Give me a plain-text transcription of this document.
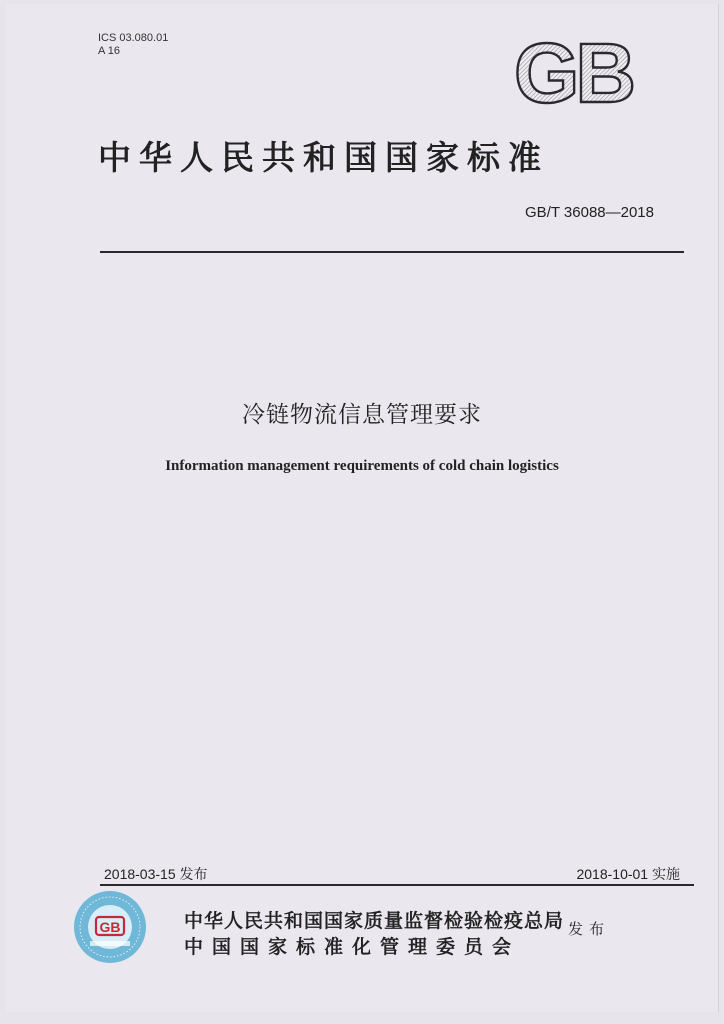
ICS 03.080.01
A 16	GB
中华人民共和国国家标准
GB/T 36088—2018
冷链物流信息管理要求
Information management requirements of cold chain logistics
2018-03-15 发布	2018-10-01 实施
GB	中华人民共和国国家质量监督检验检疫总局
中国国家标准化管理委员会
发布
